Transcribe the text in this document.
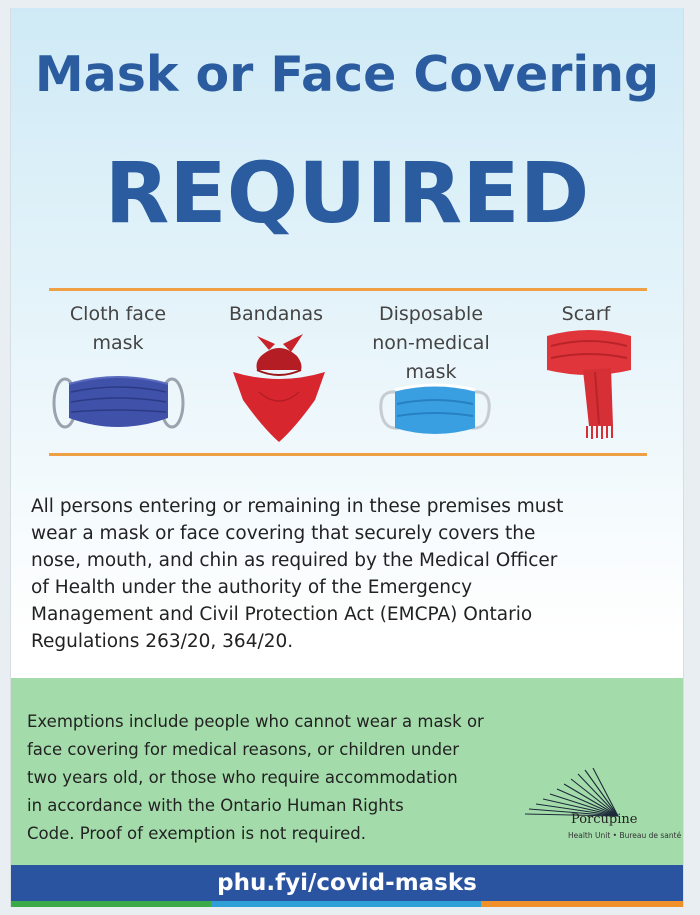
Mask or Face Covering
REQUIRED

Cloth face
mask

Bandanas	Disposable
non-medical
mask

Scarf

All persons entering or remaining in these premises must
wear a mask or face covering that securely covers the
nose, mouth, and chin as required by the Medical Officer
of Health under the authority of the Emergency
Management and Civil Protection Act (EMCPA) Ontario
Regulations 263/20, 364/20.
Exemptions include people who cannot wear a mask or
face covering for medical reasons, or children under
two years old, or those who require accommodation
in accordance with the Ontario Human Rights
Code. Proof of exemption is not required.
Porcupine
Health Unit • Bureau de santé
phu.fyi/covid-masks
